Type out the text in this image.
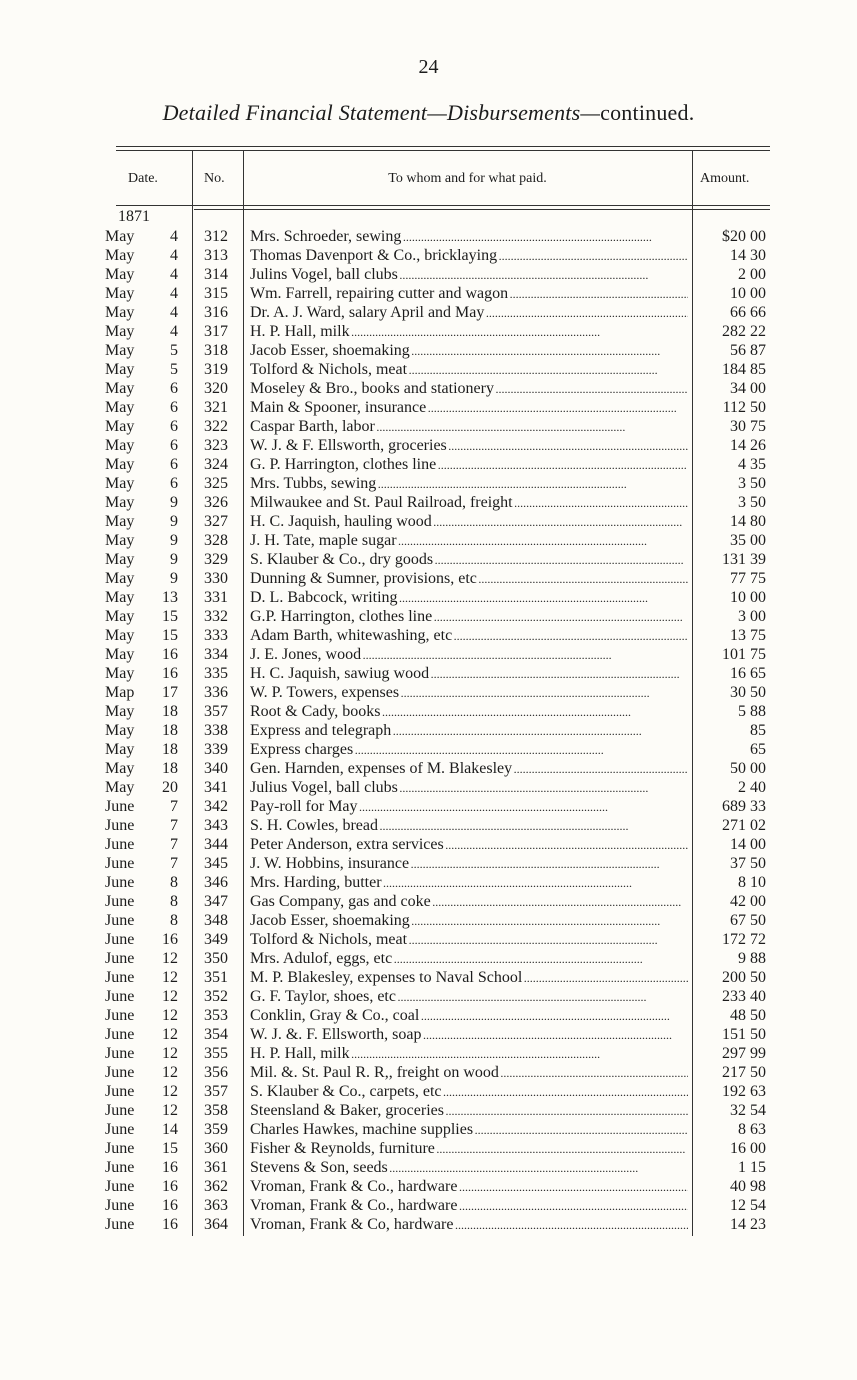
24
Detailed Financial Statement—Disbursements—continued.
Date.	No.	To whom and for what paid.	Amount.
1871
May	4	312	Mrs. Schroeder, sewing . . .	$20 00
May	4	313	Thomas Davenport & Co., bricklaying . . .	14 30
May	4	314	Julins Vogel, ball clubs . . .	2 00
May	4	315	Wm. Farrell, repairing cutter and wagon . . .	10 00
May	4	316	Dr. A. J. Ward, salary April and May . . .	66 66
May	4	317	H. P. Hall, milk . . .	282 22
May	5	318	Jacob Esser, shoemaking . . .	56 87
May	5	319	Tolford & Nichols, meat . . .	184 85
May	6	320	Moseley & Bro., books and stationery . . .	34 00
May	6	321	Main & Spooner, insurance . . .	112 50
May	6	322	Caspar Barth, labor . . .	30 75
May	6	323	W. J. & F. Ellsworth, groceries . . .	14 26
May	6	324	G. P. Harrington, clothes line . . .	4 35
May	6	325	Mrs. Tubbs, sewing . . .	3 50
May	9	326	Milwaukee and St. Paul Railroad, freight . . .	3 50
May	9	327	H. C. Jaquish, hauling wood . . .	14 80
May	9	328	J. H. Tate, maple sugar . . .	35 00
May	9	329	S. Klauber & Co., dry goods . . .	131 39
May	9	330	Dunning & Sumner, provisions, etc . . .	77 75
May	13	331	D. L. Babcock, writing . . .	10 00
May	15	332	G.P. Harrington, clothes line . . .	3 00
May	15	333	Adam Barth, whitewashing, etc . . .	13 75
May	16	334	J. E. Jones, wood . . .	101 75
May	16	335	H. C. Jaquish, sawiug wood . . .	16 65
Map	17	336	W. P. Towers, expenses . . .	30 50
May	18	357	Root & Cady, books . . .	5 88
May	18	338	Express and telegraph . . .	85
May	18	339	Express charges . . .	65
May	18	340	Gen. Harnden, expenses of M. Blakesley . . .	50 00
May	20	341	Julius Vogel, ball clubs . . .	2 40
June	7	342	Pay-roll for May . . .	689 33
June	7	343	S. H. Cowles, bread . . .	271 02
June	7	344	Peter Anderson, extra services . . .	14 00
June	7	345	J. W. Hobbins, insurance . . .	37 50
June	8	346	Mrs. Harding, butter . . .	8 10
June	8	347	Gas Company, gas and coke . . .	42 00
June	8	348	Jacob Esser, shoemaking . . .	67 50
June	16	349	Tolford & Nichols, meat . . .	172 72
June	12	350	Mrs. Adulof, eggs, etc . . .	9 88
June	12	351	M. P. Blakesley, expenses to Naval School . . .	200 50
June	12	352	G. F. Taylor, shoes, etc . . .	233 40
June	12	353	Conklin, Gray & Co., coal . . .	48 50
June	12	354	W. J. &. F. Ellsworth, soap . . .	151 50
June	12	355	H. P. Hall, milk . . .	297 99
June	12	356	Mil. &. St. Paul R. R,, freight on wood . . .	217 50
June	12	357	S. Klauber & Co., carpets, etc . . .	192 63
June	12	358	Steensland & Baker, groceries . . .	32 54
June	14	359	Charles Hawkes, machine supplies . . .	8 63
June	15	360	Fisher & Reynolds, furniture . . .	16 00
June	16	361	Stevens & Son, seeds . . .	1 15
June	16	362	Vroman, Frank & Co., hardware . . .	40 98
June	16	363	Vroman, Frank & Co., hardware . . .	12 54
June	16	364	Vroman, Frank & Co, hardware . . .	14 23
